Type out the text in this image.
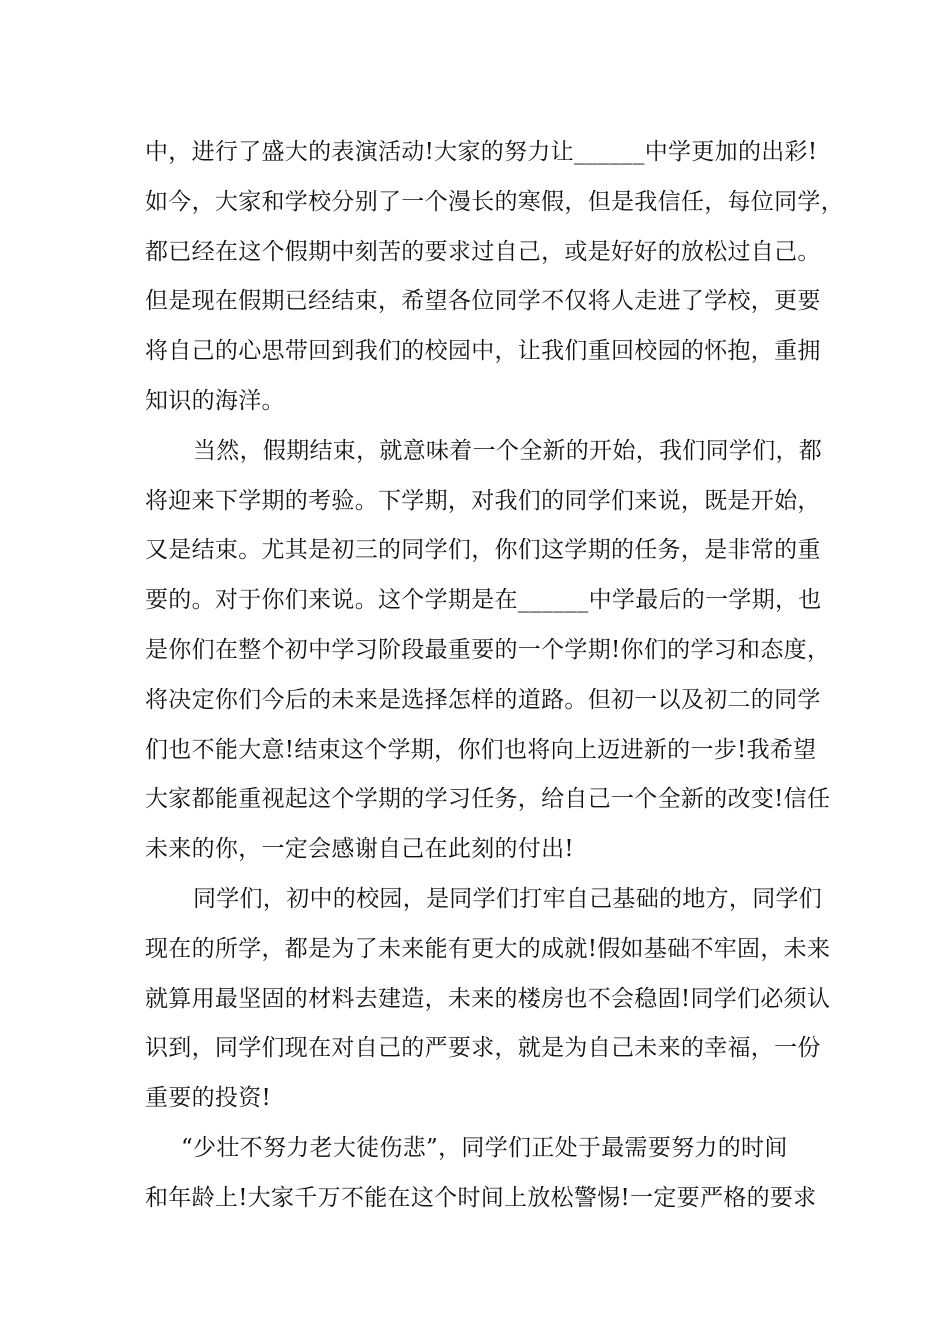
中，进行了盛大的表演活动!大家的努力让______中学更加的出彩!
如今，大家和学校分别了一个漫长的寒假，但是我信任，每位同学，
都已经在这个假期中刻苦的要求过自己，或是好好的放松过自己。
但是现在假期已经结束，希望各位同学不仅将人走进了学校，更要
将自己的心思带回到我们的校园中，让我们重回校园的怀抱，重拥
知识的海洋。
当然，假期结束，就意味着一个全新的开始，我们同学们，都
将迎来下学期的考验。下学期，对我们的同学们来说，既是开始，
又是结束。尤其是初三的同学们，你们这学期的任务，是非常的重
要的。对于你们来说。这个学期是在______中学最后的一学期，也
是你们在整个初中学习阶段最重要的一个学期!你们的学习和态度，
将决定你们今后的未来是选择怎样的道路。但初一以及初二的同学
们也不能大意!结束这个学期，你们也将向上迈进新的一步!我希望
大家都能重视起这个学期的学习任务，给自己一个全新的改变!信任
未来的你，一定会感谢自己在此刻的付出!
同学们，初中的校园，是同学们打牢自己基础的地方，同学们
现在的所学，都是为了未来能有更大的成就!假如基础不牢固，未来
就算用最坚固的材料去建造，未来的楼房也不会稳固!同学们必须认
识到，同学们现在对自己的严要求，就是为自己未来的幸福，一份
重要的投资!
“少壮不努力老大徒伤悲”，同学们正处于最需要努力的时间
和年龄上!大家千万不能在这个时间上放松警惕!一定要严格的要求
